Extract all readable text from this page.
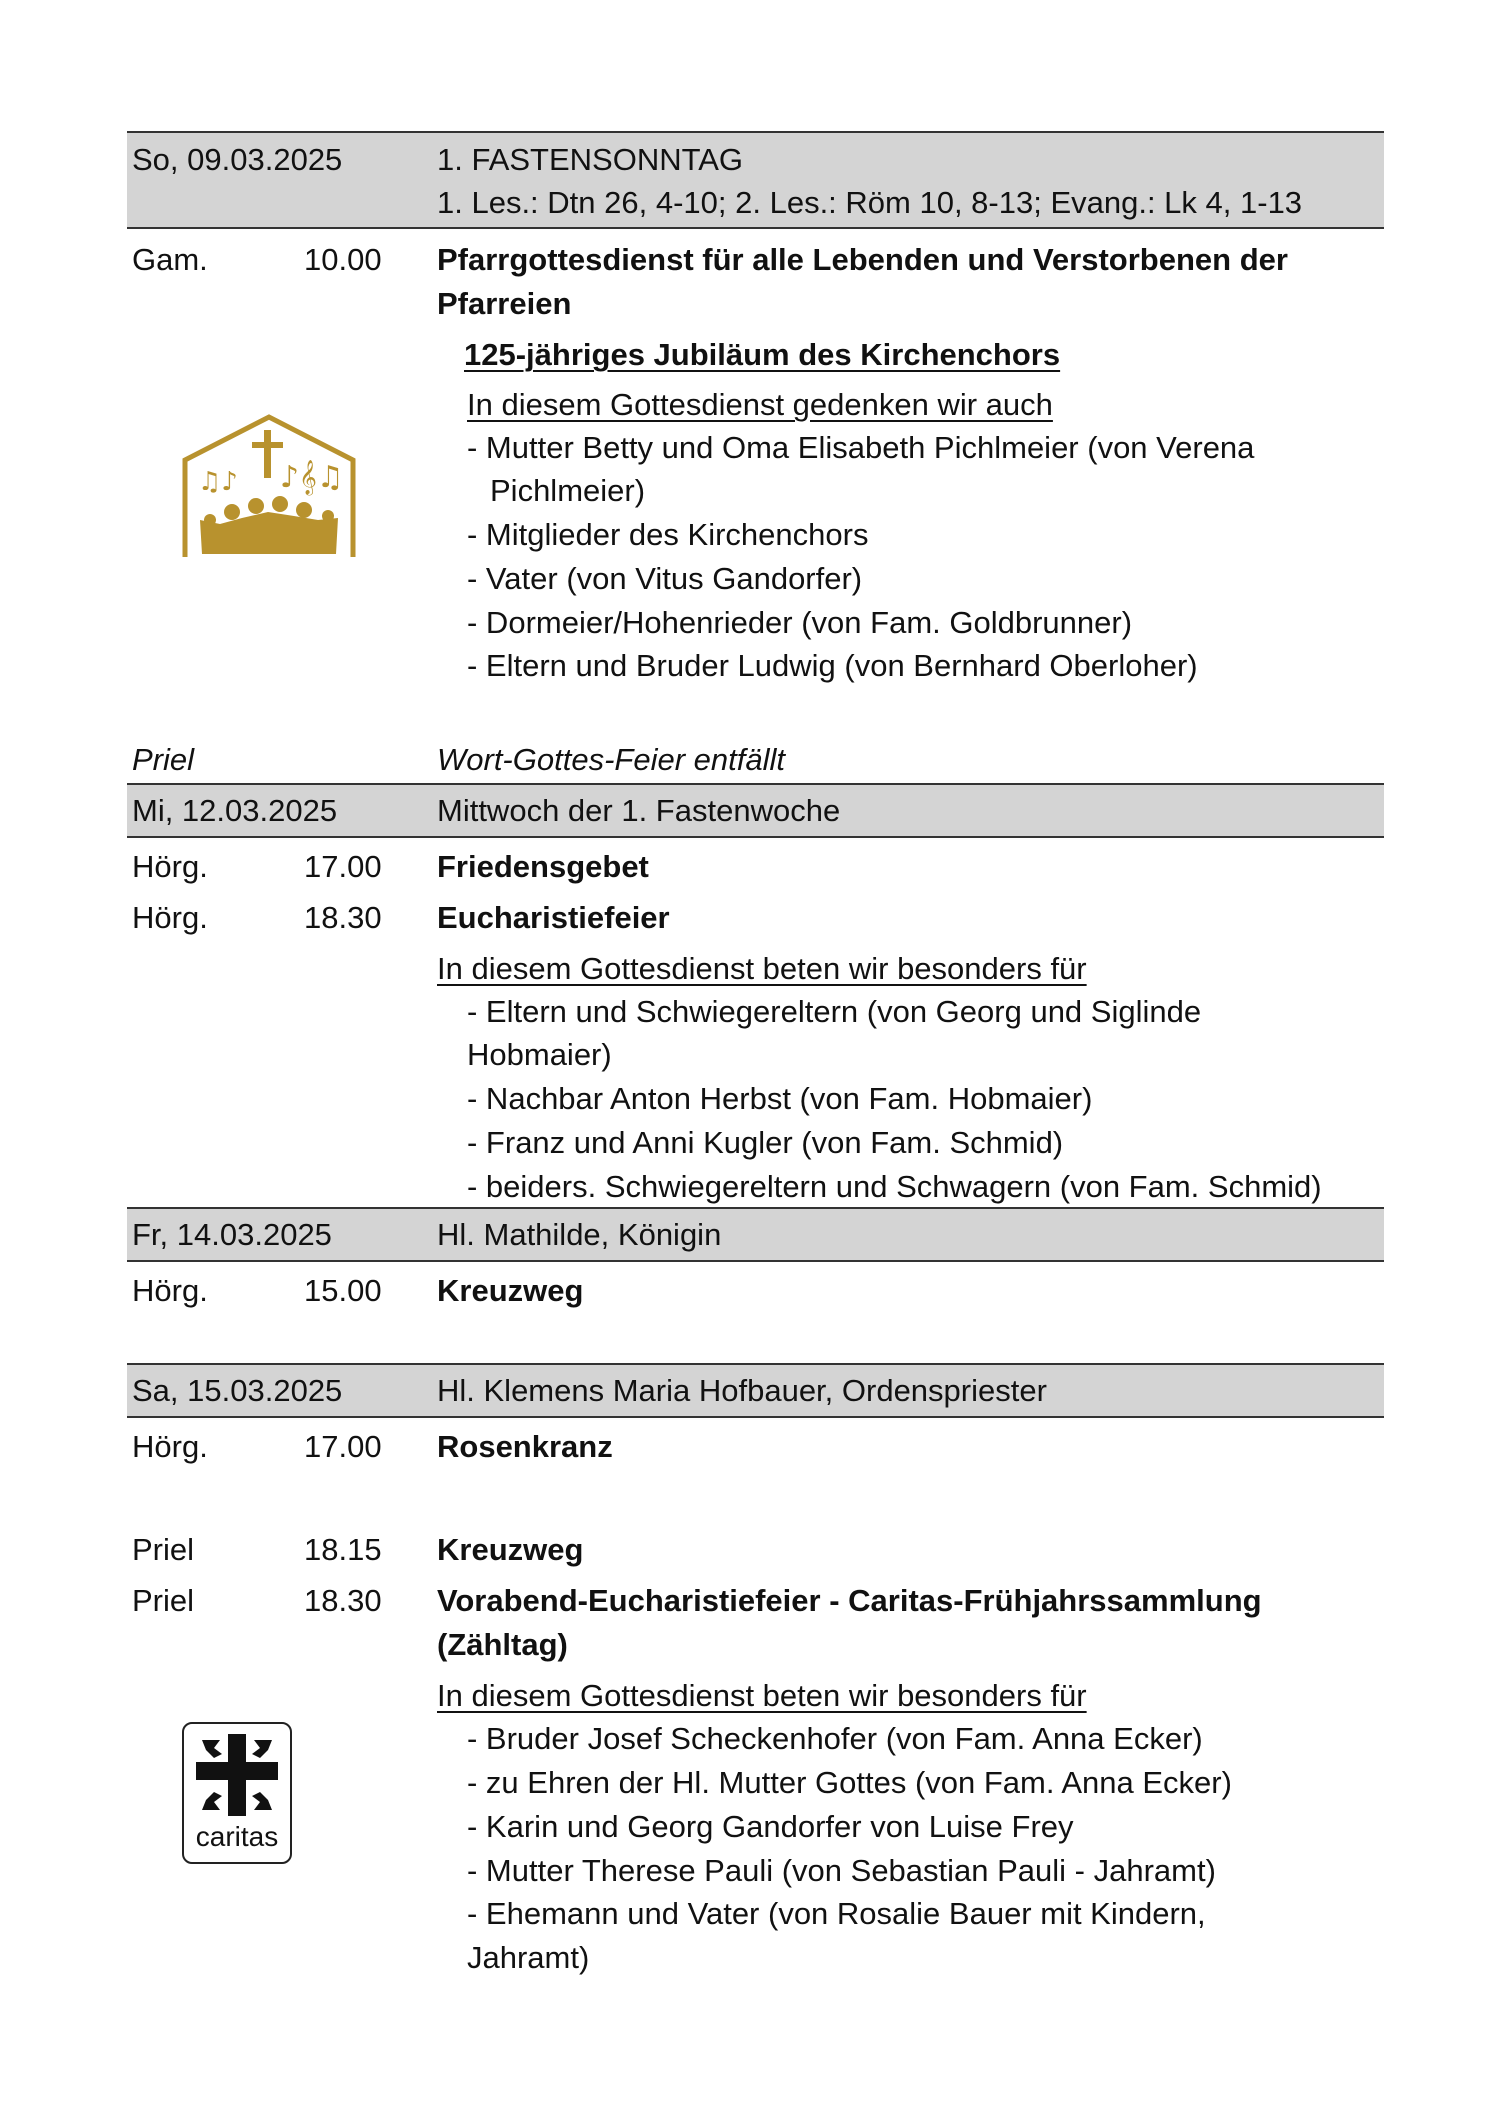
So, 09.03.2025	1. FASTENSONNTAG
1. Les.: Dtn 26, 4-10; 2. Les.: Röm 10, 8-13; Evang.: Lk 4, 1-13
Gam.	10.00 Pfarrgottesdienst für alle Lebenden und Verstorbenen der
Pfarreien
125-jähriges Jubiläum des Kirchenchors
♫♪ ♪𝄞♫
In diesem Gottesdienst gedenken wir auch
- Mutter Betty und Oma Elisabeth Pichlmeier (von Verena
Pichlmeier)
- Mitglieder des Kirchenchors
- Vater (von Vitus Gandorfer)
- Dormeier/Hohenrieder (von Fam. Goldbrunner)
- Eltern und Bruder Ludwig (von Bernhard Oberloher)
Priel	Wort-Gottes-Feier entfällt
Mi, 12.03.2025	Mittwoch der 1. Fastenwoche
Hörg.	17.00 Friedensgebet
Hörg.	18.30 Eucharistiefeier
In diesem Gottesdienst beten wir besonders für
- Eltern und Schwiegereltern (von Georg und Siglinde
Hobmaier)
- Nachbar Anton Herbst (von Fam. Hobmaier)
- Franz und Anni Kugler (von Fam. Schmid)
- beiders. Schwiegereltern und Schwagern (von Fam. Schmid)
Fr, 14.03.2025	Hl. Mathilde, Königin
Hörg.	15.00 Kreuzweg
Sa, 15.03.2025	Hl. Klemens Maria Hofbauer, Ordenspriester
Hörg.	17.00 Rosenkranz
Priel	18.15 Kreuzweg
Priel	18.30 Vorabend-Eucharistiefeier - Caritas-Frühjahrssammlung
(Zähltag)
caritas
In diesem Gottesdienst beten wir besonders für
- Bruder Josef Scheckenhofer (von Fam. Anna Ecker)
- zu Ehren der Hl. Mutter Gottes (von Fam. Anna Ecker)
- Karin und Georg Gandorfer von Luise Frey
- Mutter Therese Pauli (von Sebastian Pauli - Jahramt)
- Ehemann und Vater (von Rosalie Bauer mit Kindern,
Jahramt)
